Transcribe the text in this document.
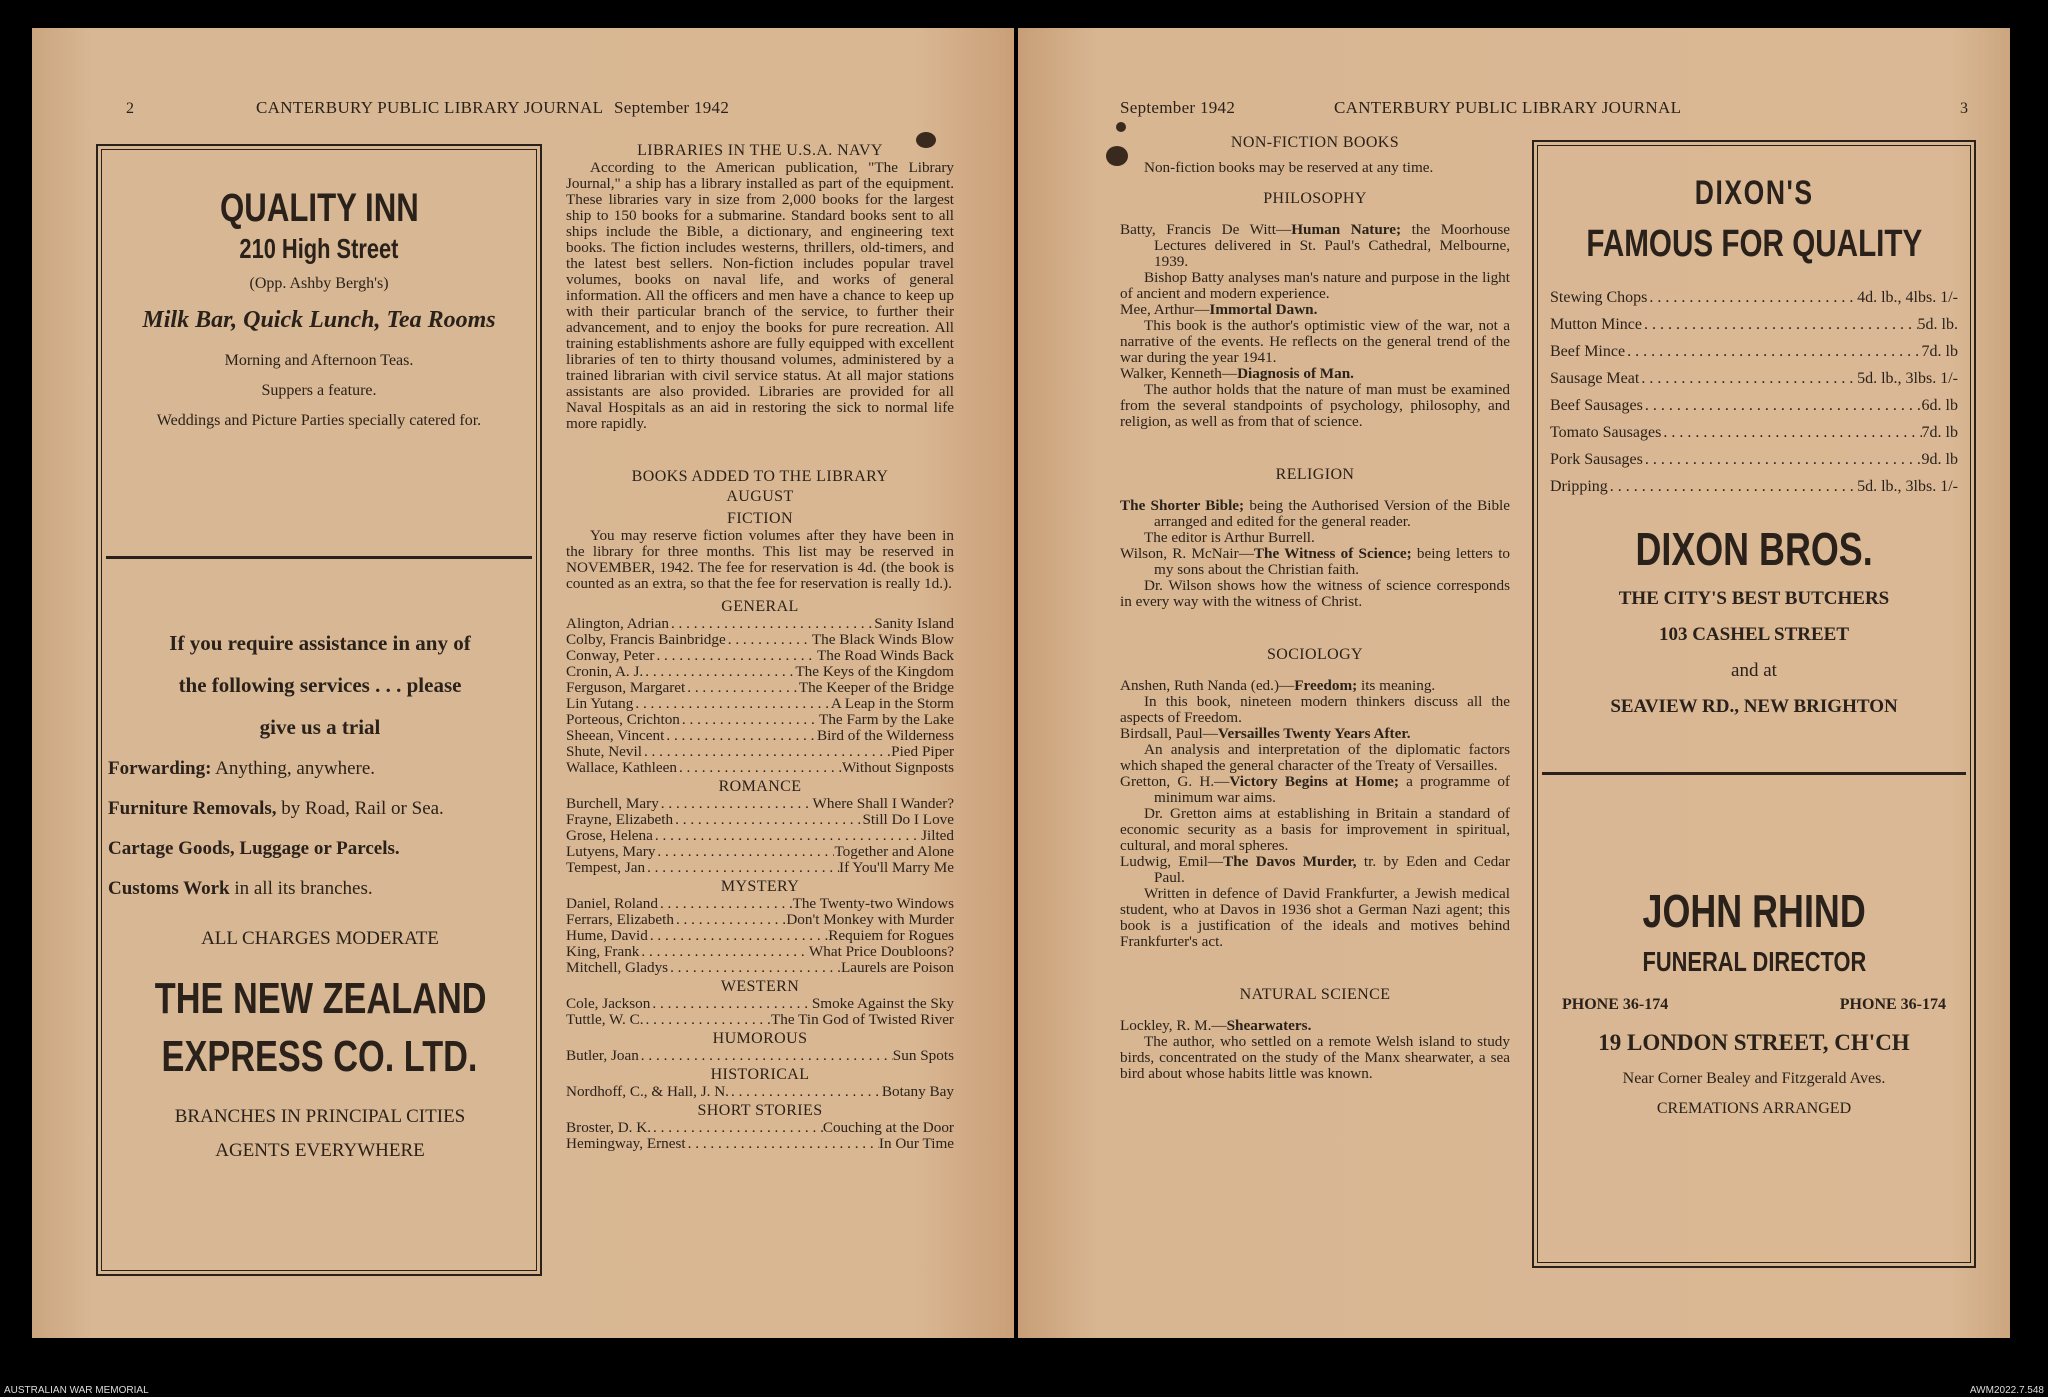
2	CANTERBURY PUBLIC LIBRARY JOURNAL September 1942
QUALITY INN
210 High Street
(Opp. Ashby Bergh's)
Milk Bar, Quick Lunch, Tea Rooms
Morning and Afternoon Teas.
Suppers a feature.
Weddings and Picture Parties specially catered for.
If you require assistance in any of
the following services . . . please
give us a trial
Forwarding: Anything, anywhere.
Furniture Removals, by Road, Rail or Sea.
Cartage Goods, Luggage or Parcels.
Customs Work in all its branches.
ALL CHARGES MODERATE
THE NEW ZEALAND
EXPRESS CO. LTD.
BRANCHES IN PRINCIPAL CITIES
AGENTS EVERYWHERE
LIBRARIES IN THE U.S.A. NAVY
According to the American publication, "The Library Journal," a ship has a library installed as part of the equipment. These libraries vary in size from 2,000 books for the largest ship to 150 books for a submarine. Standard books sent to all ships include the Bible, a dictionary, and engineering text books. The fiction includes westerns, thrillers, old-timers, and the latest best sellers. Non-fiction includes popular travel volumes, books on naval life, and works of general information. All the officers and men have a chance to keep up with their particular branch of the service, to further their advancement, and to enjoy the books for pure recreation. All training establishments ashore are fully equipped with excellent libraries of ten to thirty thousand volumes, administered by a trained librarian with civil service status. At all major stations assistants are also provided. Libraries are provided for all Naval Hospitals as an aid in restoring the sick to normal life more rapidly.
BOOKS ADDED TO THE LIBRARY
AUGUST
FICTION
You may reserve fiction volumes after they have been in the library for three months. This list may be reserved in NOVEMBER, 1942. The fee for reservation is 4d. (the book is counted as an extra, so that the fee for reservation is really 1d.).
GENERAL
Alington, Adrian . . .	Sanity Island
Colby, Francis Bainbridge . . .	The Black Winds Blow
Conway, Peter . . .	The Road Winds Back
Cronin, A. J. . . .	The Keys of the Kingdom
Ferguson, Margaret . . .	The Keeper of the Bridge
Lin Yutang . . .	A Leap in the Storm
Porteous, Crichton . . .	The Farm by the Lake
Sheean, Vincent . . .	Bird of the Wilderness
Shute, Nevil . . .	Pied Piper
Wallace, Kathleen . . .	Without Signposts
ROMANCE
Burchell, Mary . . .	Where Shall I Wander?
Frayne, Elizabeth . . .	Still Do I Love
Grose, Helena . . .	Jilted
Lutyens, Mary . . .	Together and Alone
Tempest, Jan . . .	If You'll Marry Me
MYSTERY
Daniel, Roland . . .	The Twenty-two Windows
Ferrars, Elizabeth . . .	Don't Monkey with Murder
Hume, David . . .	Requiem for Rogues
King, Frank . . .	What Price Doubloons?
Mitchell, Gladys . . .	Laurels are Poison
WESTERN
Cole, Jackson . . .	Smoke Against the Sky
Tuttle, W. C. . . .	The Tin God of Twisted River
HUMOROUS
Butler, Joan . . .	Sun Spots
HISTORICAL
Nordhoff, C., & Hall, J. N. . . .	Botany Bay
SHORT STORIES
Broster, D. K. . . .	Couching at the Door
Hemingway, Ernest . . .	In Our Time
September 1942	CANTERBURY PUBLIC LIBRARY JOURNAL	3
NON-FICTION BOOKS
Non-fiction books may be reserved at any time.
PHILOSOPHY
Batty, Francis De Witt—Human Nature; the Moorhouse Lectures delivered in St. Paul's Cathedral, Melbourne, 1939.
Bishop Batty analyses man's nature and purpose in the light of ancient and modern experience.
Mee, Arthur—Immortal Dawn.
This book is the author's optimistic view of the war, not a narrative of the events. He reflects on the general trend of the war during the year 1941.
Walker, Kenneth—Diagnosis of Man.
The author holds that the nature of man must be examined from the several standpoints of psychology, philosophy, and religion, as well as from that of science.
RELIGION
The Shorter Bible; being the Authorised Version of the Bible arranged and edited for the general reader.
The editor is Arthur Burrell.
Wilson, R. McNair—The Witness of Science; being letters to my sons about the Christian faith.
Dr. Wilson shows how the witness of science corresponds in every way with the witness of Christ.
SOCIOLOGY
Anshen, Ruth Nanda (ed.)—Freedom; its meaning.
In this book, nineteen modern thinkers discuss all the aspects of Freedom.
Birdsall, Paul—Versailles Twenty Years After.
An analysis and interpretation of the diplomatic factors which shaped the general character of the Treaty of Versailles.
Gretton, G. H.—Victory Begins at Home; a programme of minimum war aims.
Dr. Gretton aims at establishing in Britain a standard of economic security as a basis for improvement in spiritual, cultural, and moral spheres.
Ludwig, Emil—The Davos Murder, tr. by Eden and Cedar Paul.
Written in defence of David Frankfurter, a Jewish medical student, who at Davos in 1936 shot a German Nazi agent; this book is a justification of the ideals and motives behind Frankfurter's act.
NATURAL SCIENCE
Lockley, R. M.—Shearwaters.
The author, who settled on a remote Welsh island to study birds, concentrated on the study of the Manx shearwater, a sea bird about whose habits little was known.
DIXON'S
FAMOUS FOR QUALITY
Stewing Chops . . .	4d. lb., 4lbs. 1/-
Mutton Mince . . .	5d. lb.
Beef Mince . . .	7d. lb
Sausage Meat . . .	5d. lb., 3lbs. 1/-
Beef Sausages . . .	6d. lb
Tomato Sausages . . .	7d. lb
Pork Sausages . . .	9d. lb
Dripping . . .	5d. lb., 3lbs. 1/-
DIXON BROS.
THE CITY'S BEST BUTCHERS
103 CASHEL STREET
and at
SEAVIEW RD., NEW BRIGHTON
JOHN RHIND
FUNERAL DIRECTOR
PHONE 36-174	PHONE 36-174
19 LONDON STREET, CH'CH
Near Corner Bealey and Fitzgerald Aves.
CREMATIONS ARRANGED
AUSTRALIAN WAR MEMORIAL	AWM2022.7.548
